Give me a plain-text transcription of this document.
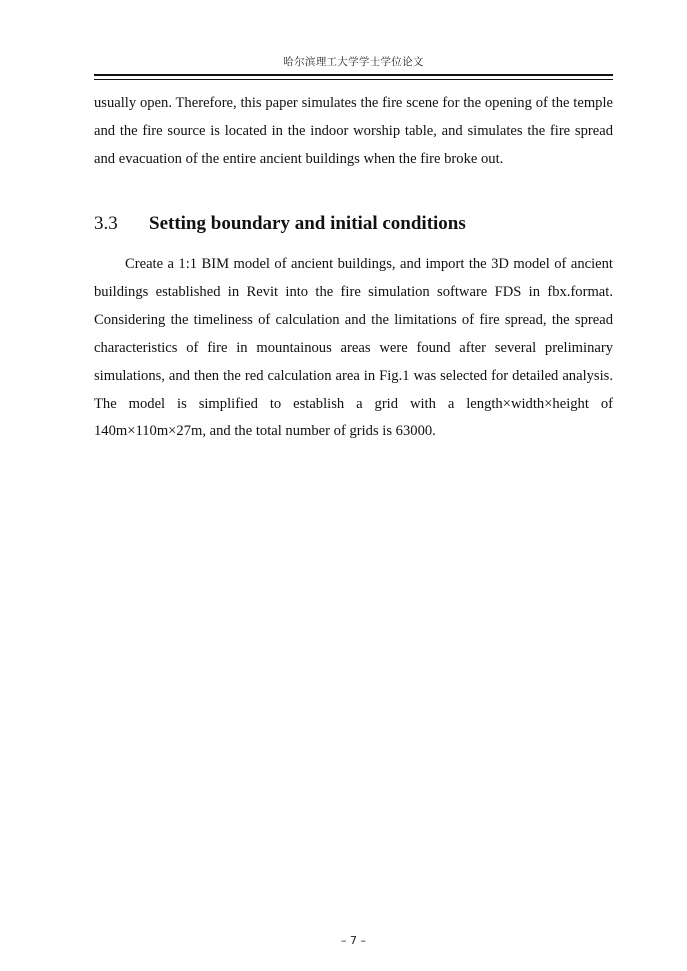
哈尔滨理工大学学士学位论文

usually open. Therefore, this paper simulates the fire scene for the opening of the temple and the fire source is located in the indoor worship table, and simulates the fire spread and evacuation of the entire ancient buildings when the fire broke out.

3.3 Setting boundary and initial conditions

Create a 1:1 BIM model of ancient buildings, and import the 3D model of ancient buildings established in Revit into the fire simulation software FDS in fbx.format. Considering the timeliness of calculation and the limitations of fire spread, the spread characteristics of fire in mountainous areas were found after several preliminary simulations, and then the red calculation area in Fig.1 was selected for detailed analysis. The model is simplified to establish a grid with a length×width×height of 140m×110m×27m, and the total number of grids is 63000.

– 7 –
